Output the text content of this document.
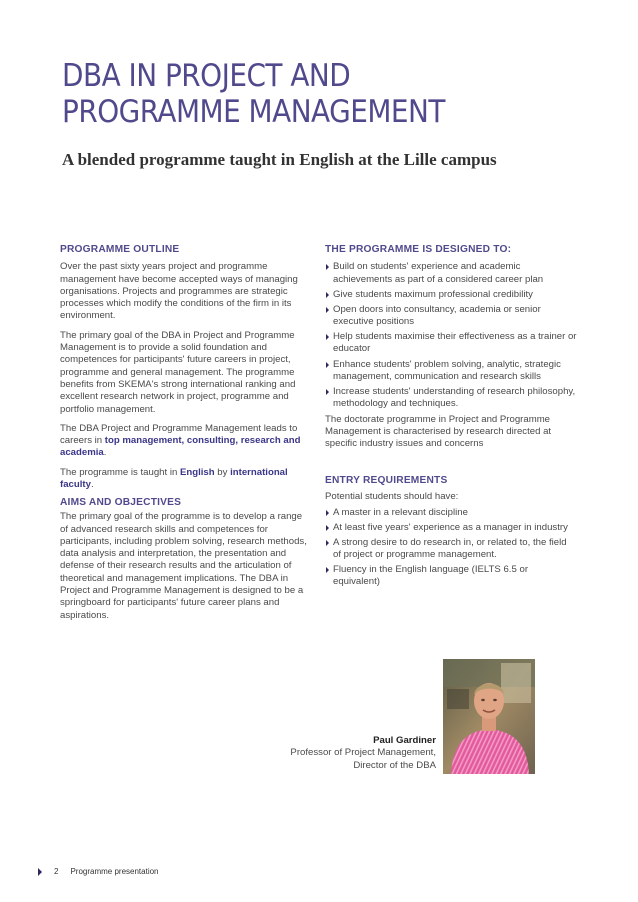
DBA IN PROJECT AND
PROGRAMME MANAGEMENT
A blended programme taught in English at the Lille campus
PROGRAMME OUTLINE

Over the past sixty years project and programme management have become accepted ways of managing organisations. Projects and programmes are strategic processes which modify the conditions of the firm in its environment.

The primary goal of the DBA in Project and Programme Management is to provide a solid foundation and competences for participants' future careers in project, programme and general management. The programme benefits from SKEMA's strong international ranking and excellent research network in project, programme and portfolio management.

The DBA Project and Programme Management leads to careers in top management, consulting, research and academia.

The programme is taught in English by international faculty.

AIMS AND OBJECTIVES

The primary goal of the programme is to develop a range of advanced research skills and competences for participants, including problem solving, research methods, data analysis and interpretation, the presentation and defense of their research results and the articulation of theoretical and management implications. The DBA in Project and Programme Management is designed to be a springboard for participants' future career plans and aspirations.

THE PROGRAMME IS DESIGNED TO:
Build on students' experience and academic achievements as part of a considered career plan
Give students maximum professional credibility
Open doors into consultancy, academia or senior executive positions
Help students maximise their effectiveness as a trainer or educator
Enhance students' problem solving, analytic, strategic management, communication and research skills
Increase students' understanding of research philosophy, methodology and techniques.

The doctorate programme in Project and Programme Management is characterised by research directed at specific industry issues and concerns

ENTRY REQUIREMENTS

Potential students should have:

A master in a relevant discipline
At least five years' experience as a manager in industry
A strong desire to do research in, or related to, the field of project or programme management.
Fluency in the English language (IELTS 6.5 or equivalent)
Paul Gardiner
Professor of Project Management,
Director of the DBA
2 Programme presentation
